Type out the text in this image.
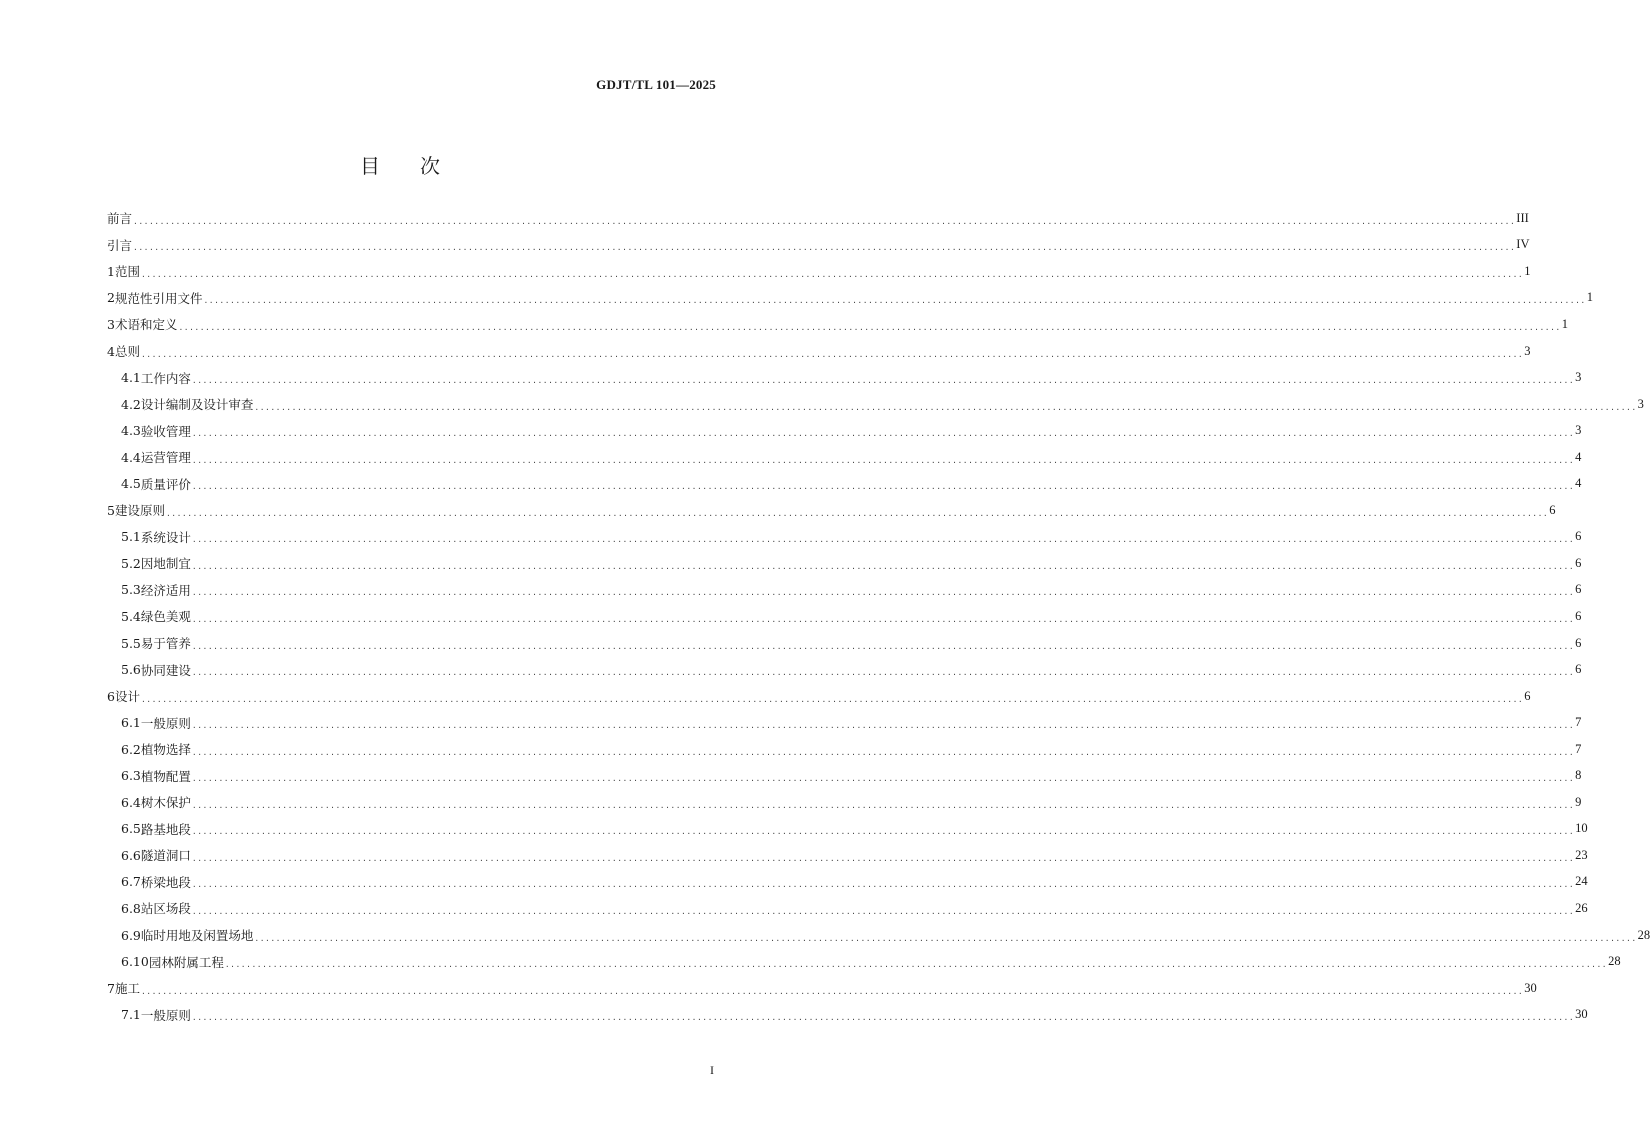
GDJT/TL 101—2025
目 次
前言 .................................................................................................................................................................................................................................................................... III
引言 .................................................................................................................................................................................................................................................................... IV
1 范围 .................................................................................................................................................................................................................................................................... 1
2 规范性引用文件 .................................................................................................................................................................................................................................................................... 1
3 术语和定义 .................................................................................................................................................................................................................................................................... 1
4 总则 .................................................................................................................................................................................................................................................................... 3
4.1 工作内容 .................................................................................................................................................................................................................................................................... 3
4.2 设计编制及设计审查 .................................................................................................................................................................................................................................................................... 3
4.3 验收管理 .................................................................................................................................................................................................................................................................... 3
4.4 运营管理 .................................................................................................................................................................................................................................................................... 4
4.5 质量评价 .................................................................................................................................................................................................................................................................... 4
5 建设原则 .................................................................................................................................................................................................................................................................... 6
5.1 系统设计 .................................................................................................................................................................................................................................................................... 6
5.2 因地制宜 .................................................................................................................................................................................................................................................................... 6
5.3 经济适用 .................................................................................................................................................................................................................................................................... 6
5.4 绿色美观 .................................................................................................................................................................................................................................................................... 6
5.5 易于管养 .................................................................................................................................................................................................................................................................... 6
5.6 协同建设 .................................................................................................................................................................................................................................................................... 6
6 设计 .................................................................................................................................................................................................................................................................... 6
6.1 一般原则 .................................................................................................................................................................................................................................................................... 7
6.2 植物选择 .................................................................................................................................................................................................................................................................... 7
6.3 植物配置 .................................................................................................................................................................................................................................................................... 8
6.4 树木保护 .................................................................................................................................................................................................................................................................... 9
6.5 路基地段 .................................................................................................................................................................................................................................................................... 10
6.6 隧道洞口 .................................................................................................................................................................................................................................................................... 23
6.7 桥梁地段 .................................................................................................................................................................................................................................................................... 24
6.8 站区场段 .................................................................................................................................................................................................................................................................... 26
6.9 临时用地及闲置场地 .................................................................................................................................................................................................................................................................... 28
6.10 园林附属工程 .................................................................................................................................................................................................................................................................... 28
7 施工 .................................................................................................................................................................................................................................................................... 30
7.1 一般原则 .................................................................................................................................................................................................................................................................... 30
I
